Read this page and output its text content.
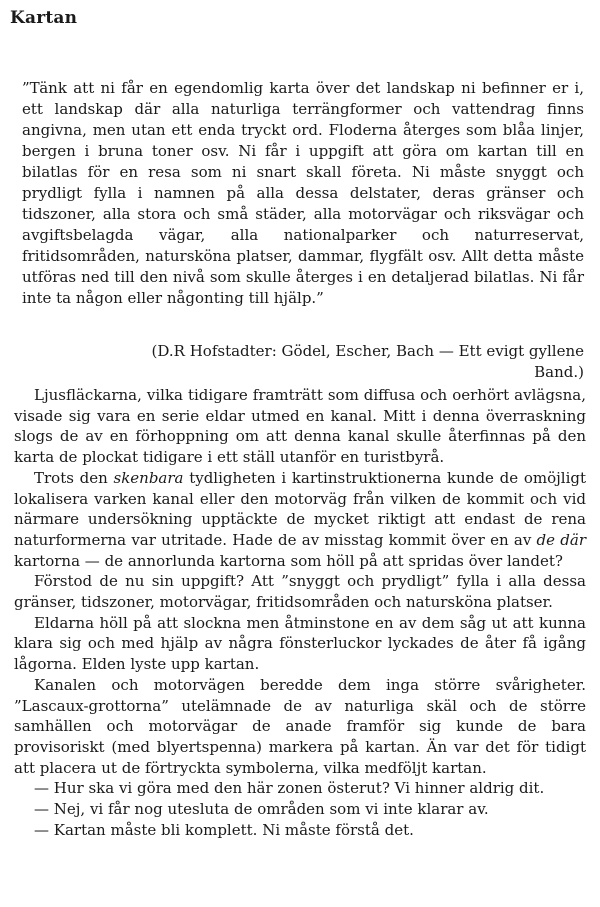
Kartan
”Tänk att ni får en egendomlig karta över det landskap ni befinner er i, ett landskap där alla naturliga terrängformer och vattendrag finns angivna, men utan ett enda tryckt ord. Floderna återges som blåa linjer, bergen i bruna toner osv. Ni får i uppgift att göra om kartan till en bilatlas för en resa som ni snart skall företa. Ni måste snyggt och prydligt fylla i namnen på alla dessa delstater, deras gränser och tidszoner, alla stora och små städer, alla motorvägar och riksvägar och avgiftsbelagda vägar, alla nationalparker och naturreservat, fritidsområden, natursköna platser, dammar, flygfält osv. Allt detta måste utföras ned till den nivå som skulle återges i en detaljerad bilatlas. Ni får inte ta någon eller någonting till hjälp.”
(D.R Hofstadter: Gödel, Escher, Bach — Ett evigt gyllene Band.)

Ljusfläckarna, vilka tidigare framträtt som diffusa och oerhört avlägsna, visade sig vara en serie eldar utmed en kanal. Mitt i denna överraskning slogs de av en förhoppning om att denna kanal skulle återfinnas på den karta de plockat tidigare i ett ställ utanför en turistbyrå.

Trots den skenbara tydligheten i kartinstruktionerna kunde de omöjligt lokalisera varken kanal eller den motorväg från vilken de kommit och vid närmare undersökning upptäckte de mycket riktigt att endast de rena naturformerna var utritade. Hade de av misstag kommit över en av de där kartorna — de annorlunda kartorna som höll på att spridas över landet?

Förstod de nu sin uppgift? Att ”snyggt och prydligt” fylla i alla dessa gränser, tidszoner, motorvägar, fritidsområden och natursköna platser.

Eldarna höll på att slockna men åtminstone en av dem såg ut att kunna klara sig och med hjälp av några fönsterluckor lyckades de åter få igång lågorna. Elden lyste upp kartan.

Kanalen och motorvägen beredde dem inga större svårigheter. ”Lascaux-grottorna” utelämnade de av naturliga skäl och de större samhällen och motorvägar de anade framför sig kunde de bara provisoriskt (med blyertspenna) markera på kartan. Än var det för tidigt att placera ut de förtryckta symbolerna, vilka medföljt kartan.

— Hur ska vi göra med den här zonen österut? Vi hinner aldrig dit.

— Nej, vi får nog utesluta de områden som vi inte klarar av.

— Kartan måste bli komplett. Ni måste förstå det.
